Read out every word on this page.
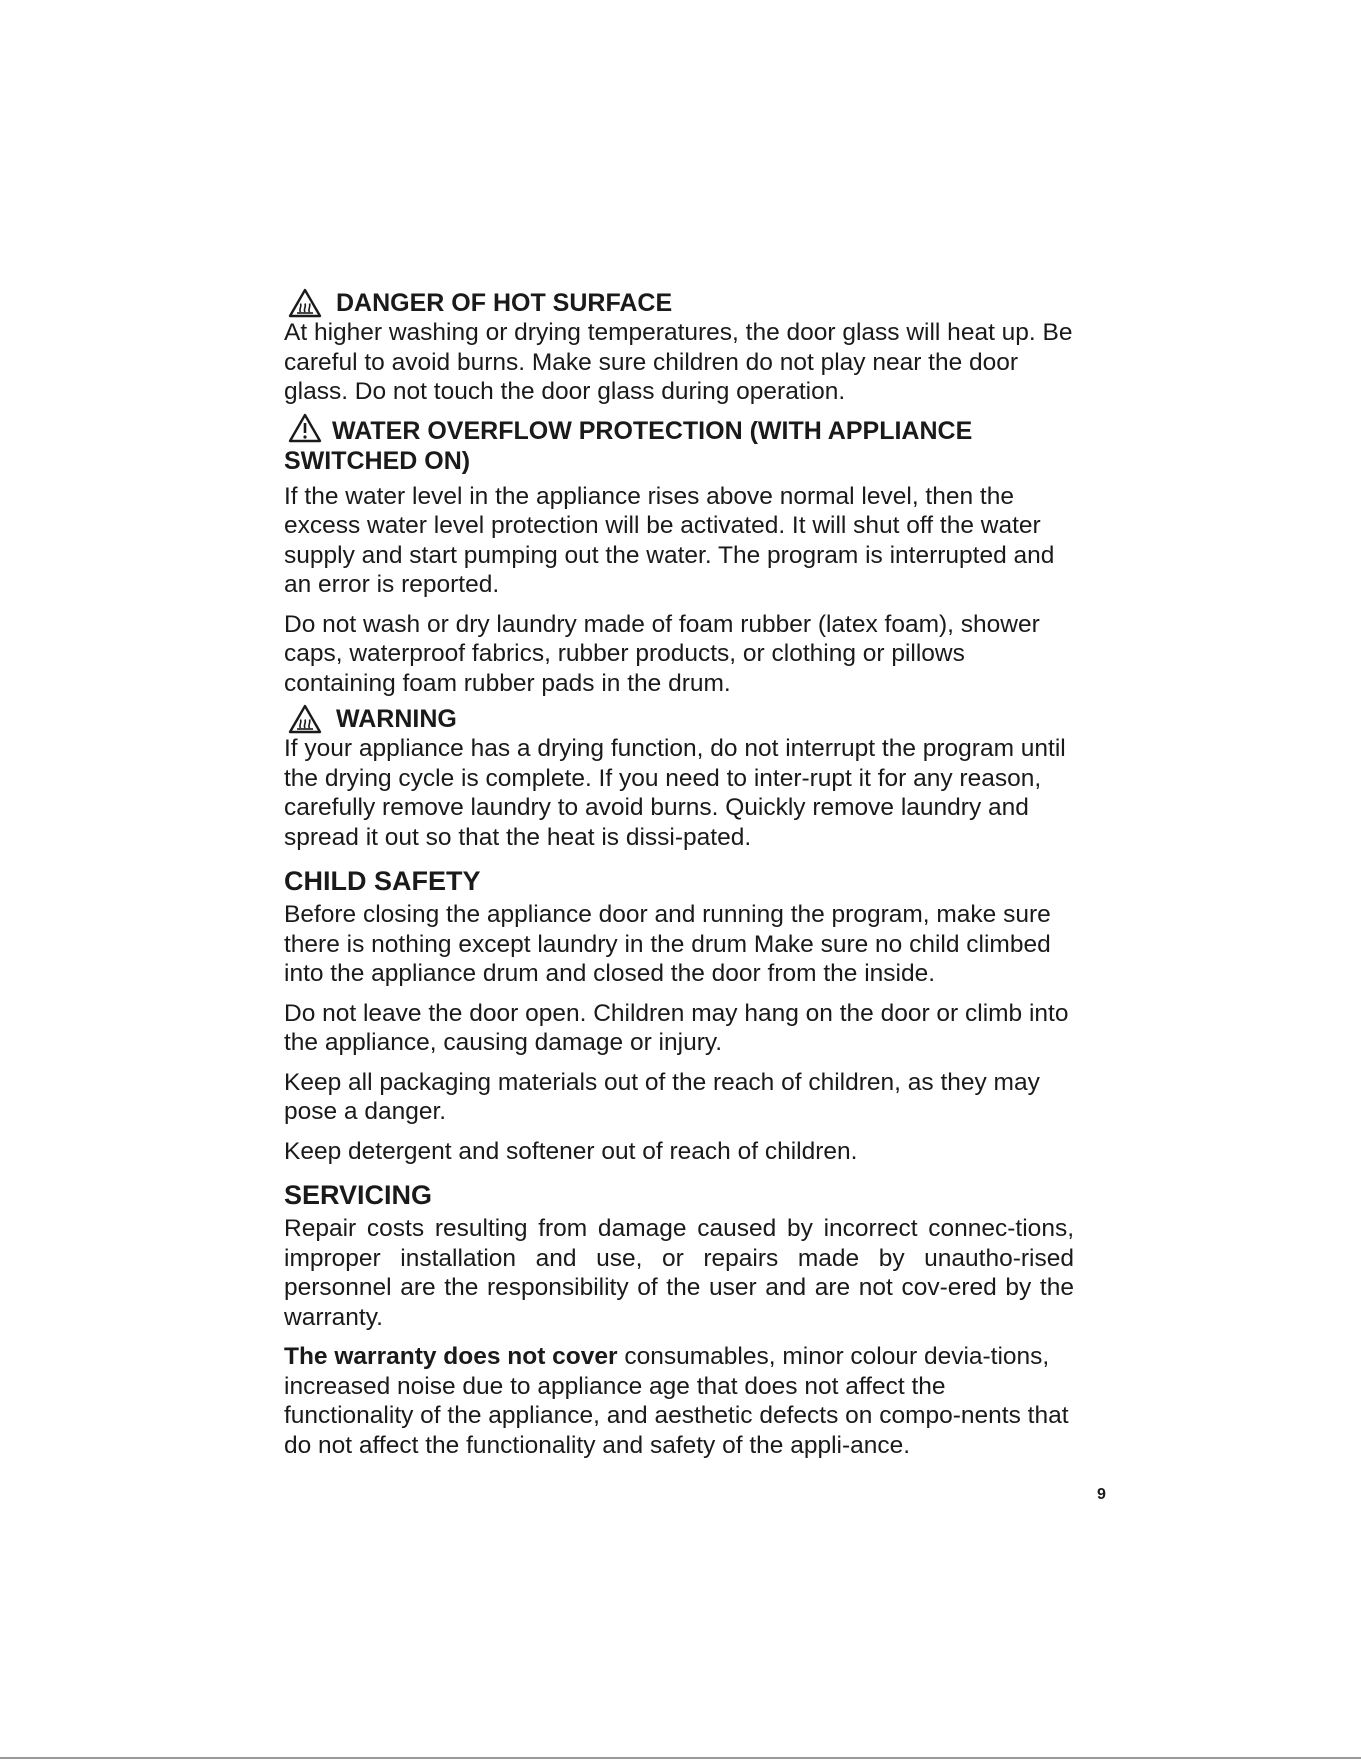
DANGER OF HOT SURFACE

At higher washing or drying temperatures, the door glass will heat up. Be careful to avoid burns. Make sure children do not play near the door glass. Do not touch the door glass during operation.

WATER OVERFLOW PROTECTION (WITH APPLIANCE SWITCHED ON)

If the water level in the appliance rises above normal level, then the excess water level protection will be activated. It will shut off the water supply and start pumping out the water. The program is interrupted and an error is reported.

Do not wash or dry laundry made of foam rubber (latex foam), shower caps, waterproof fabrics, rubber products, or clothing or pillows containing foam rubber pads in the drum.

WARNING

If your appliance has a drying function, do not interrupt the program until the drying cycle is complete. If you need to inter-rupt it for any reason, carefully remove laundry to avoid burns. Quickly remove laundry and spread it out so that the heat is dissi-pated.

CHILD SAFETY

Before closing the appliance door and running the program, make sure there is nothing except laundry in the drum Make sure no child climbed into the appliance drum and closed the door from the inside.

Do not leave the door open. Children may hang on the door or climb into the appliance, causing damage or injury.

Keep all packaging materials out of the reach of children, as they may pose a danger.

Keep detergent and softener out of reach of children.

SERVICING

Repair costs resulting from damage caused by incorrect connec-tions, improper installation and use, or repairs made by unautho-rised personnel are the responsibility of the user and are not cov-ered by the warranty.

The warranty does not cover consumables, minor colour devia-tions, increased noise due to appliance age that does not affect the functionality of the appliance, and aesthetic defects on compo-nents that do not affect the functionality and safety of the appli-ance.

9
